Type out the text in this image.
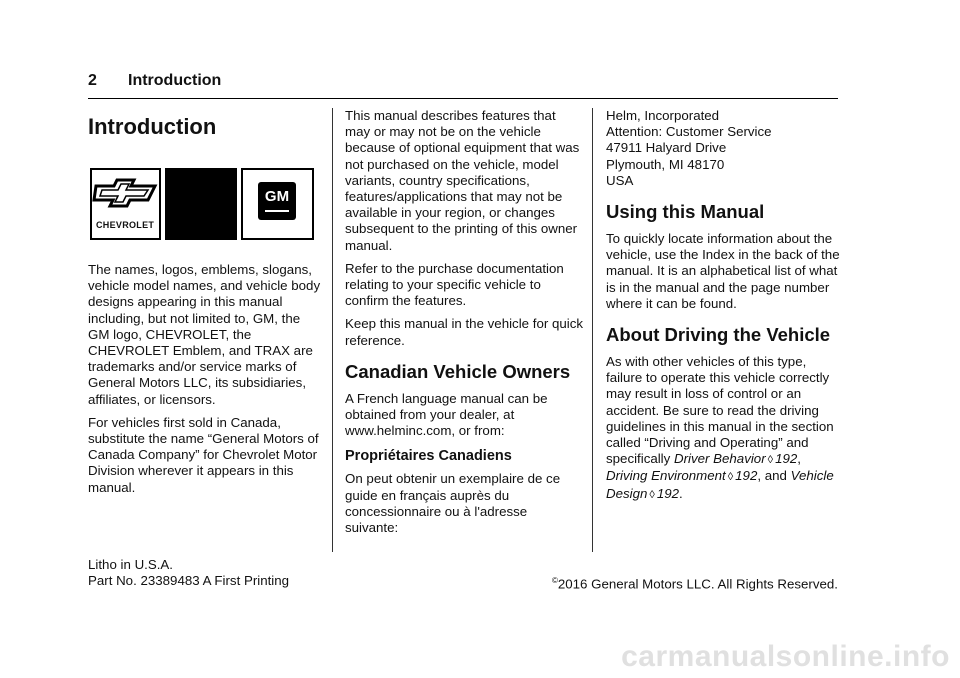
2 Introduction
Introduction
CHEVROLET
GM

The names, logos, emblems, slogans, vehicle model names, and vehicle body designs appearing in this manual including, but not limited to, GM, the GM logo, CHEVROLET, the CHEVROLET Emblem, and TRAX are trademarks and/or service marks of General Motors LLC, its subsidiaries, affiliates, or licensors.

For vehicles first sold in Canada, substitute the name “General Motors of Canada Company” for Chevrolet Motor Division wherever it appears in this manual.

This manual describes features that may or may not be on the vehicle because of optional equipment that was not purchased on the vehicle, model variants, country specifications, features/applications that may not be available in your region, or changes subsequent to the printing of this owner manual.

Refer to the purchase documentation relating to your specific vehicle to confirm the features.

Keep this manual in the vehicle for quick reference.

Canadian Vehicle Owners

A French language manual can be obtained from your dealer, at www.helminc.com, or from:

Propriétaires Canadiens

On peut obtenir un exemplaire de ce guide en français auprès du concessionnaire ou à l'adresse suivante:

Helm, Incorporated
Attention: Customer Service
47911 Halyard Drive
Plymouth, MI 48170
USA

Using this Manual

To quickly locate information about the vehicle, use the Index in the back of the manual. It is an alphabetical list of what is in the manual and the page number where it can be found.

About Driving the Vehicle

As with other vehicles of this type, failure to operate this vehicle correctly may result in loss of control or an accident. Be sure to read the driving guidelines in this manual in the section called “Driving and Operating” and specifically Driver Behavior ◊ 192, Driving Environment ◊ 192, and Vehicle Design ◊ 192.

Litho in U.S.A.
Part No. 23389483 A First Printing	©2016 General Motors LLC. All Rights Reserved.
carmanualsonline.info
